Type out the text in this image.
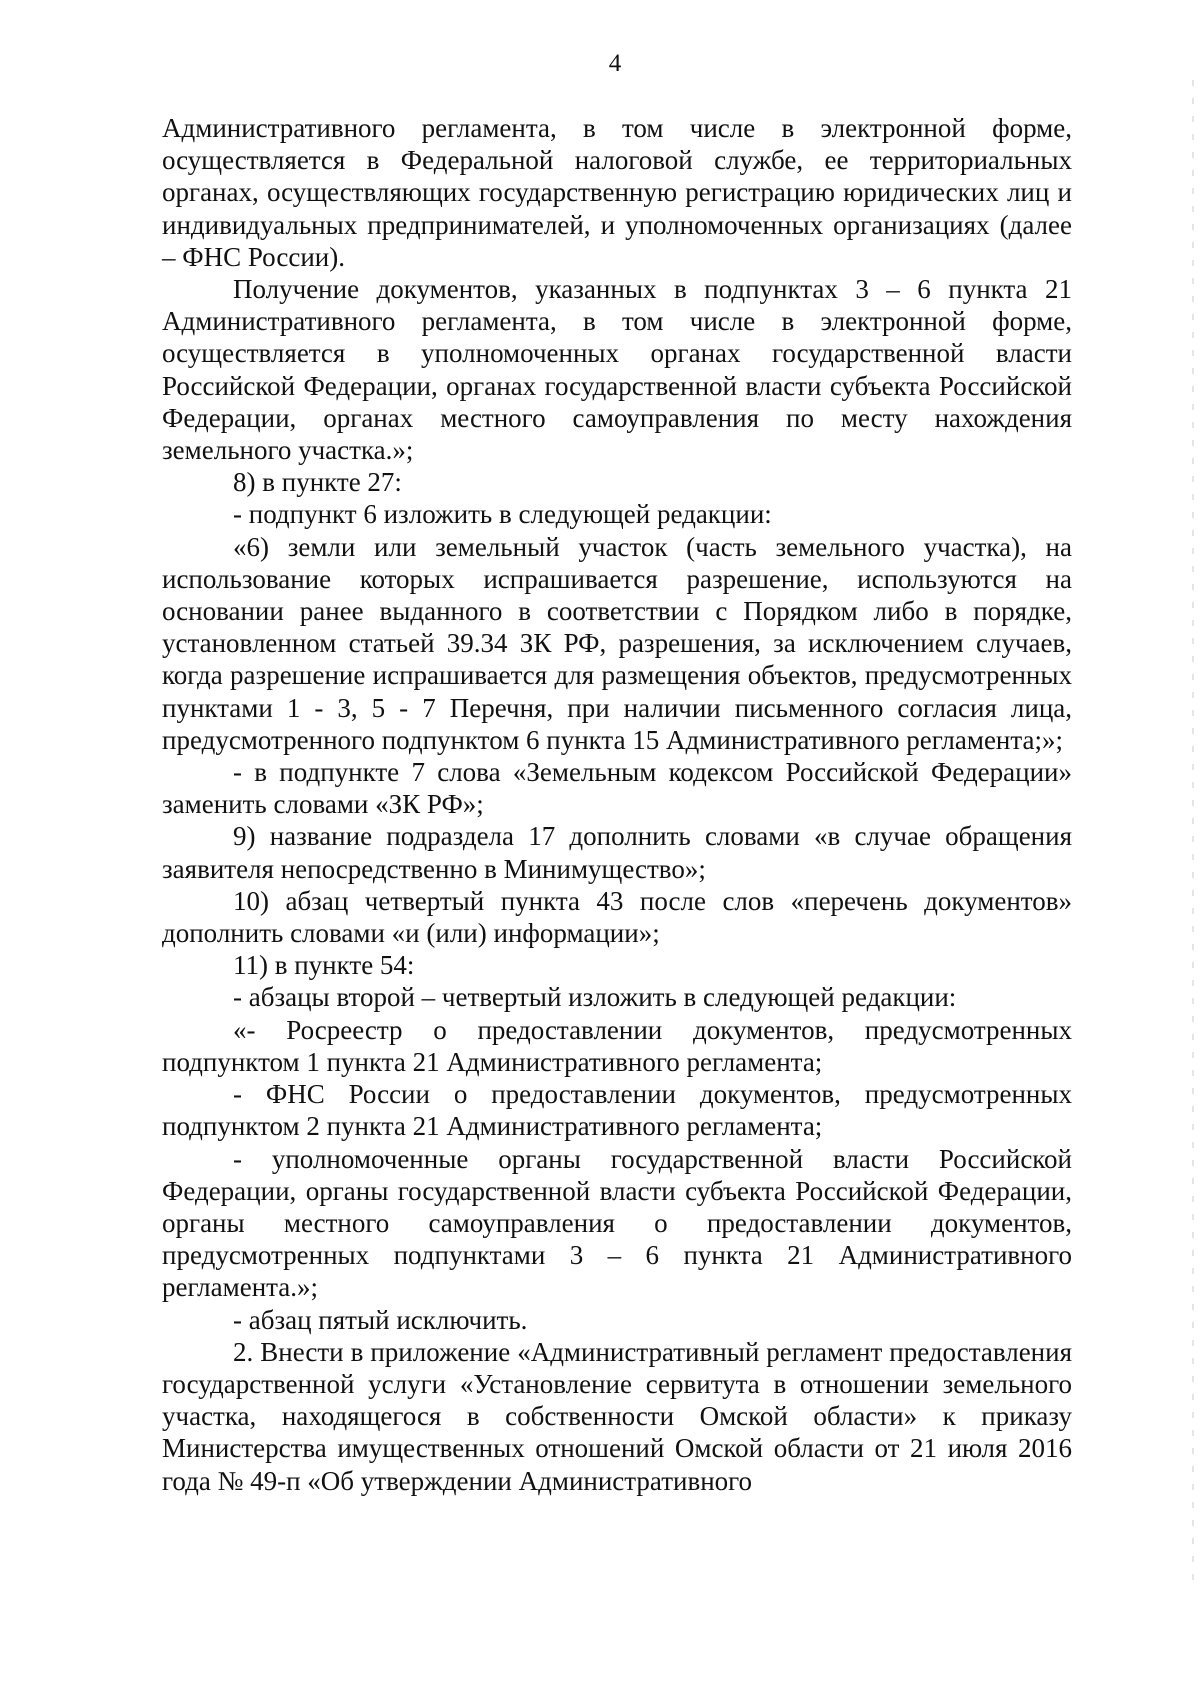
4

Административного регламента, в том числе в электронной форме, осуществляется в Федеральной налоговой службе, ее территориальных органах, осуществляющих государственную регистрацию юридических лиц и индивидуальных предпринимателей, и уполномоченных организациях (далее – ФНС России).

Получение документов, указанных в подпунктах 3 – 6 пункта 21 Административного регламента, в том числе в электронной форме, осуществляется в уполномоченных органах государственной власти Российской Федерации, органах государственной власти субъекта Российской Федерации, органах местного самоуправления по месту нахождения земельного участка.»;

8) в пункте 27:

- подпункт 6 изложить в следующей редакции:

«6) земли или земельный участок (часть земельного участка), на использование которых испрашивается разрешение, используются на основании ранее выданного в соответствии с Порядком либо в порядке, установленном статьей 39.34 ЗК РФ, разрешения, за исключением случаев, когда разрешение испрашивается для размещения объектов, предусмотренных пунктами 1 - 3, 5 - 7 Перечня, при наличии письменного согласия лица, предусмотренного подпунктом 6 пункта 15 Административного регламента;»;

- в подпункте 7 слова «Земельным кодексом Российской Федерации» заменить словами «ЗК РФ»;

9) название подраздела 17 дополнить словами «в случае обращения заявителя непосредственно в Минимущество»;

10) абзац четвертый пункта 43 после слов «перечень документов» дополнить словами «и (или) информации»;

11) в пункте 54:

- абзацы второй – четвертый изложить в следующей редакции:

«- Росреестр о предоставлении документов, предусмотренных подпунктом 1 пункта 21 Административного регламента;

- ФНС России о предоставлении документов, предусмотренных подпунктом 2 пункта 21 Административного регламента;

- уполномоченные органы государственной власти Российской Федерации, органы государственной власти субъекта Российской Федерации, органы местного самоуправления о предоставлении документов, предусмотренных подпунктами 3 – 6 пункта 21 Административного регламента.»;

- абзац пятый исключить.

2. Внести в приложение «Административный регламент предоставления государственной услуги «Установление сервитута в отношении земельного участка, находящегося в собственности Омской области» к приказу Министерства имущественных отношений Омской области от 21 июля 2016 года № 49-п «Об утверждении Административного
